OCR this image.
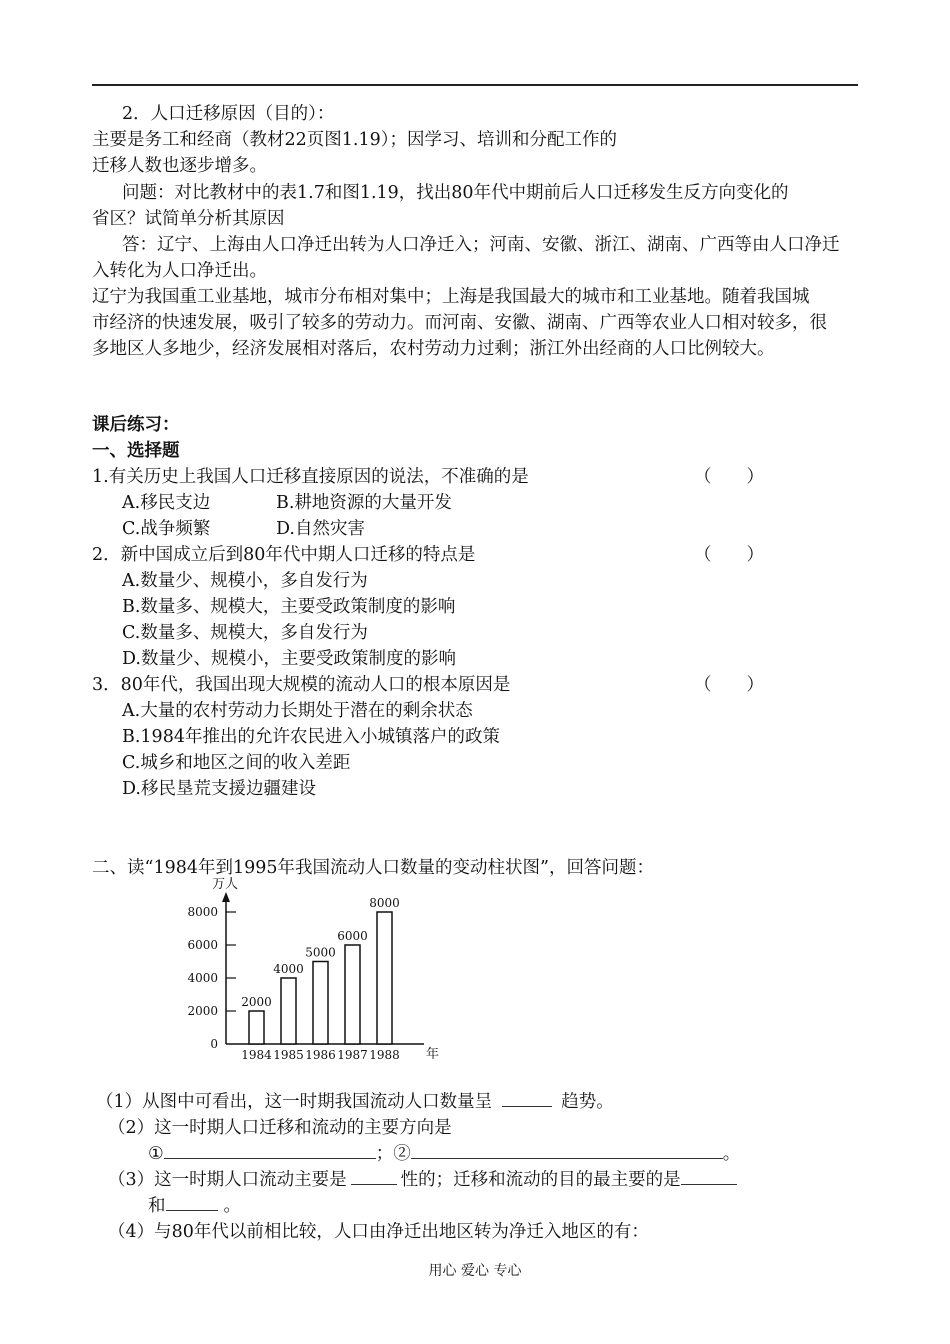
2．人口迁移原因（目的）：
主要是务工和经商（教材22页图1.19）；因学习、培训和分配工作的
迁移人数也逐步增多。
问题：对比教材中的表1.7和图1.19，找出80年代中期前后人口迁移发生反方向变化的
省区？试简单分析其原因
答：辽宁、上海由人口净迁出转为人口净迁入；河南、安徽、浙江、湖南、广西等由人口净迁
入转化为人口净迁出。
辽宁为我国重工业基地，城市分布相对集中；上海是我国最大的城市和工业基地。随着我国城
市经济的快速发展，吸引了较多的劳动力。而河南、安徽、湖南、广西等农业人口相对较多，很
多地区人多地少，经济发展相对落后，农村劳动力过剩；浙江外出经商的人口比例较大。
课后练习：
一、选择题
1.有关历史上我国人口迁移直接原因的说法，不准确的是	（　　）
A.移民支边	B.耕地资源的大量开发
C.战争频繁	D.自然灾害
2．新中国成立后到80年代中期人口迁移的特点是	（　　）
A.数量少、规模小，多自发行为
B.数量多、规模大，主要受政策制度的影响
C.数量多、规模大，多自发行为
D.数量少、规模小，主要受政策制度的影响
3．80年代，我国出现大规模的流动人口的根本原因是	（　　）
A.大量的农村劳动力长期处于潜在的剩余状态
B.1984年推出的允许农民进入小城镇落户的政策
C.城乡和地区之间的收入差距
D.移民垦荒支援边疆建设
二、读“1984年到1995年我国流动人口数量的变动柱状图”，回答问题：
万人
0
2000
4000
6000
8000
2000
4000
5000
6000
8000
1984 1985 1986 1987 1988 年
（1）从图中可看出，这一时期我国流动人口数量呈	趋势。
（2）这一时期人口迁移和流动的主要方向是
①	；②	。
（3）这一时期人口流动主要是	性的；迁移和流动的目的最主要的是
和	。
（4）与80年代以前相比较，人口由净迁出地区转为净迁入地区的有：
用心 爱心 专心
